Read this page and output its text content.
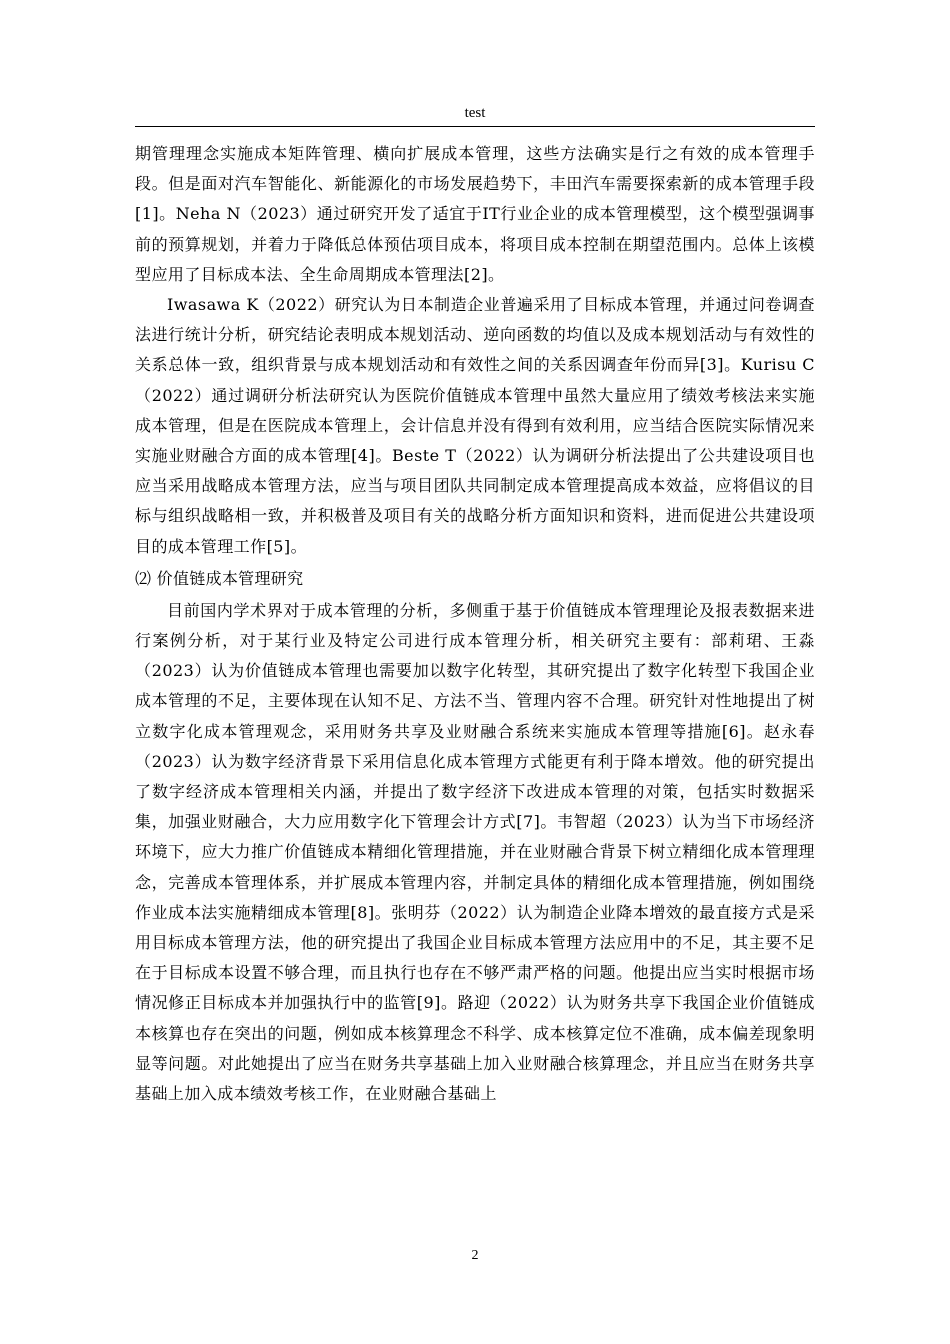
test

期管理理念实施成本矩阵管理、横向扩展成本管理，这些方法确实是行之有效的成本管理手段。但是面对汽车智能化、新能源化的市场发展趋势下，丰田汽车需要探索新的成本管理手段[1]。Neha N（2023）通过研究开发了适宜于IT行业企业的成本管理模型，这个模型强调事前的预算规划，并着力于降低总体预估项目成本，将项目成本控制在期望范围内。总体上该模型应用了目标成本法、全生命周期成本管理法[2]。

Iwasawa K（2022）研究认为日本制造企业普遍采用了目标成本管理，并通过问卷调查法进行统计分析，研究结论表明成本规划活动、逆向函数的均值以及成本规划活动与有效性的关系总体一致，组织背景与成本规划活动和有效性之间的关系因调查年份而异[3]。Kurisu C（2022）通过调研分析法研究认为医院价值链成本管理中虽然大量应用了绩效考核法来实施成本管理，但是在医院成本管理上，会计信息并没有得到有效利用，应当结合医院实际情况来实施业财融合方面的成本管理[4]。Beste T（2022）认为调研分析法提出了公共建设项目也应当采用战略成本管理方法，应当与项目团队共同制定成本管理提高成本效益，应将倡议的目标与组织战略相一致，并积极普及项目有关的战略分析方面知识和资料，进而促进公共建设项目的成本管理工作[5]。

⑵ 价值链成本管理研究

目前国内学术界对于成本管理的分析，多侧重于基于价值链成本管理理论及报表数据来进行案例分析，对于某行业及特定公司进行成本管理分析，相关研究主要有：部莉珺、王淼（2023）认为价值链成本管理也需要加以数字化转型，其研究提出了数字化转型下我国企业成本管理的不足，主要体现在认知不足、方法不当、管理内容不合理。研究针对性地提出了树立数字化成本管理观念，采用财务共享及业财融合系统来实施成本管理等措施[6]。赵永春（2023）认为数字经济背景下采用信息化成本管理方式能更有利于降本增效。他的研究提出了数字经济成本管理相关内涵，并提出了数字经济下改进成本管理的对策，包括实时数据采集，加强业财融合，大力应用数字化下管理会计方式[7]。韦智超（2023）认为当下市场经济环境下，应大力推广价值链成本精细化管理措施，并在业财融合背景下树立精细化成本管理理念，完善成本管理体系，并扩展成本管理内容，并制定具体的精细化成本管理措施，例如围绕作业成本法实施精细成本管理[8]。张明芬（2022）认为制造企业降本增效的最直接方式是采用目标成本管理方法，他的研究提出了我国企业目标成本管理方法应用中的不足，其主要不足在于目标成本设置不够合理，而且执行也存在不够严肃严格的问题。他提出应当实时根据市场情况修正目标成本并加强执行中的监管[9]。路迎（2022）认为财务共享下我国企业价值链成本核算也存在突出的问题，例如成本核算理念不科学、成本核算定位不准确，成本偏差现象明显等问题。对此她提出了应当在财务共享基础上加入业财融合核算理念，并且应当在财务共享基础上加入成本绩效考核工作，在业财融合基础上

2
